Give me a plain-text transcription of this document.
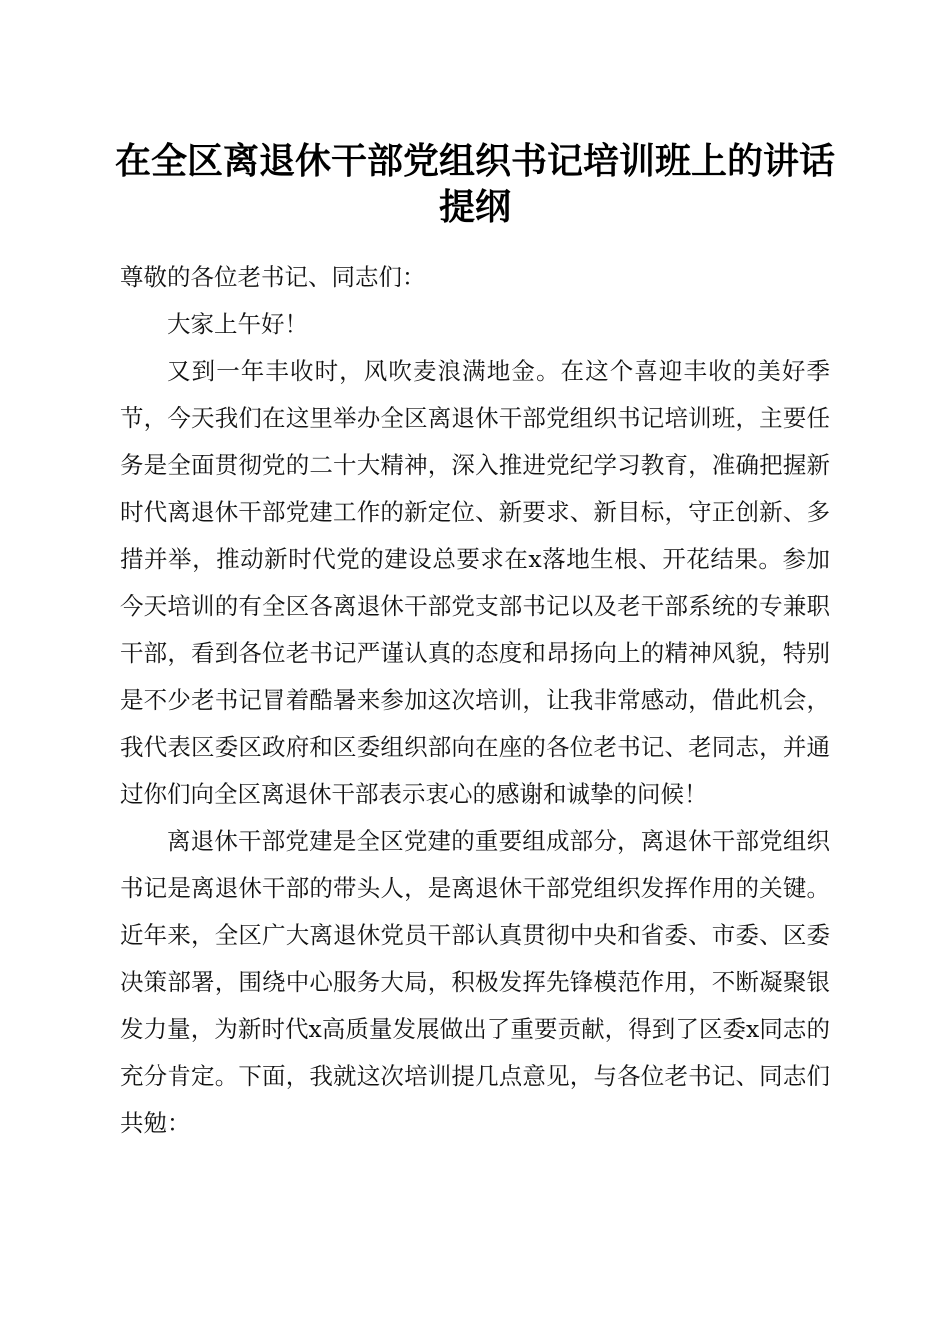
在全区离退休干部党组织书记培训班上的讲话
提纲

尊敬的各位老书记、同志们：

大家上午好！

又到一年丰收时，风吹麦浪满地金。在这个喜迎丰收的美好季节，今天我们在这里举办全区离退休干部党组织书记培训班，主要任务是全面贯彻党的二十大精神，深入推进党纪学习教育，准确把握新时代离退休干部党建工作的新定位、新要求、新目标，守正创新、多措并举，推动新时代党的建设总要求在x落地生根、开花结果。参加今天培训的有全区各离退休干部党支部书记以及老干部系统的专兼职干部，看到各位老书记严谨认真的态度和昂扬向上的精神风貌，特别是不少老书记冒着酷暑来参加这次培训，让我非常感动，借此机会，我代表区委区政府和区委组织部向在座的各位老书记、老同志，并通过你们向全区离退休干部表示衷心的感谢和诚挚的问候！

离退休干部党建是全区党建的重要组成部分，离退休干部党组织书记是离退休干部的带头人，是离退休干部党组织发挥作用的关键。近年来，全区广大离退休党员干部认真贯彻中央和省委、市委、区委决策部署，围绕中心服务大局，积极发挥先锋模范作用，不断凝聚银发力量，为新时代x高质量发展做出了重要贡献，得到了区委x同志的充分肯定。下面，我就这次培训提几点意见，与各位老书记、同志们共勉：
